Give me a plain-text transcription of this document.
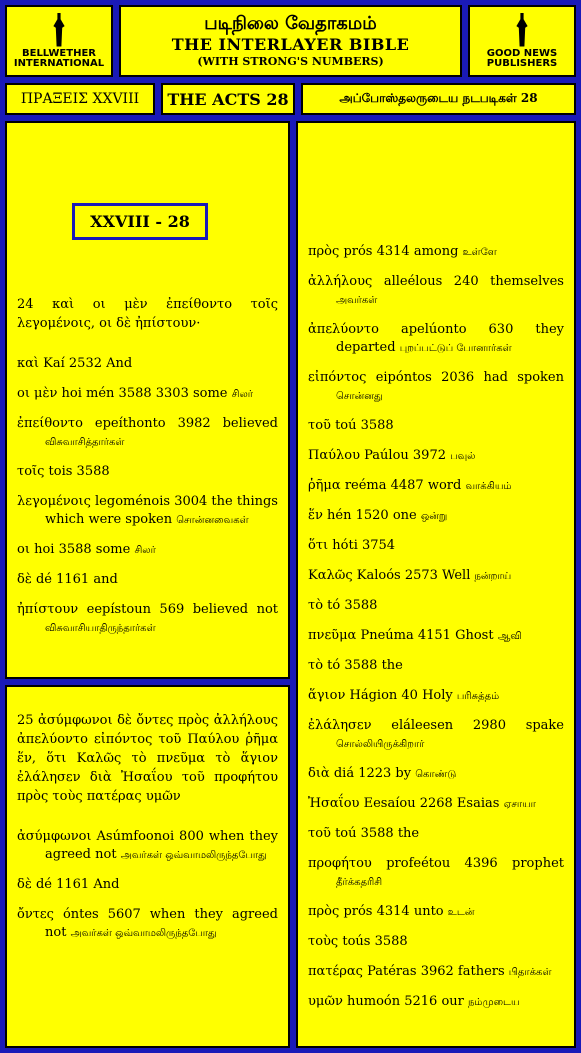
BELLWETHER
INTERNATIONAL
படிநிலை வேதாகமம்
THE INTERLAYER BIBLE
(WITH STRONG'S NUMBERS)
GOOD NEWS
PUBLISHERS
ΠΡΑΞΕΙΣ XXVIII	THE ACTS 28	அப்போஸ்தலருடைய நடபடிகள் 28
24 καὶ οι μὲν ἐπείθοντο τοῖς λεγομένοις, οι δὲ ἠπίστουν·
καὶ Kaí 2532 And
οι μὲν hoi mén 3588 3303 some சிலர்
ἐπείθοντο epeíthonto 3982 believed விசுவாசித்தார்கள்
τοῖς tois 3588
λεγομένοις legoménois 3004 the things which were spoken சொன்னவைகள்
οι hoi 3588 some சிலர்
δὲ dé 1161 and
ἠπίστουν eepístoun 569 believed not விசுவாசியாதிருந்தார்கள்
XXVIII - 28
25 ἀσύμφωνοι δὲ ὄντες πρὸς ἀλλήλους ἀπελύοντο εἰπόντος τοῦ Παύλου ῥῆμα ἕν, ὅτι Καλῶς τὸ πνεῦμα τὸ ἅγιον ἐλάλησεν διὰ Ἠσαΐου τοῦ προφήτου πρὸς τοὺς πατέρας υμῶν
ἀσύμφωνοι Asúmfoonoi 800 when they agreed not அவர்கள் ஒவ்வாமலிருந்தபோது
δὲ dé 1161 And
ὄντες óntes 5607 when they agreed not அவர்கள் ஒவ்வாமலிருந்தபோது
πρὸς prós 4314 among உள்ளே
ἀλλήλους alleélous 240 themselves அவர்கள்
ἀπελύοντο apelúonto 630 they departed புறப்பட்டுப் போனார்கள்
εἰπόντος eipóntos 2036 had spoken சொன்னது
τοῦ toú 3588
Παύλου Paúlou 3972 பவுல்
ῥῆμα reéma 4487 word வாக்கியம்
ἕν hén 1520 one ஒன்று
ὅτι hóti 3754
Καλῶς Kaloós 2573 Well நன்றாய்
τὸ tó 3588
πνεῦμα Pneúma 4151 Ghost ஆவி
τὸ tó 3588 the
ἅγιον Hágion 40 Holy பரிசுத்தம்
ἐλάλησεν eláleesen 2980 spake சொல்லியிருக்கிறார்
διὰ diá 1223 by கொண்டு
Ἠσαΐου Eesaíou 2268 Esaias ஏசாயா
τοῦ toú 3588 the
προφήτου profeétou 4396 prophet தீர்க்கதரிசி
πρὸς prós 4314 unto உடன்
τοὺς toús 3588
πατέρας Patéras 3962 fathers பிதாக்கள்
υμῶν humoón 5216 our நம்முடைய
